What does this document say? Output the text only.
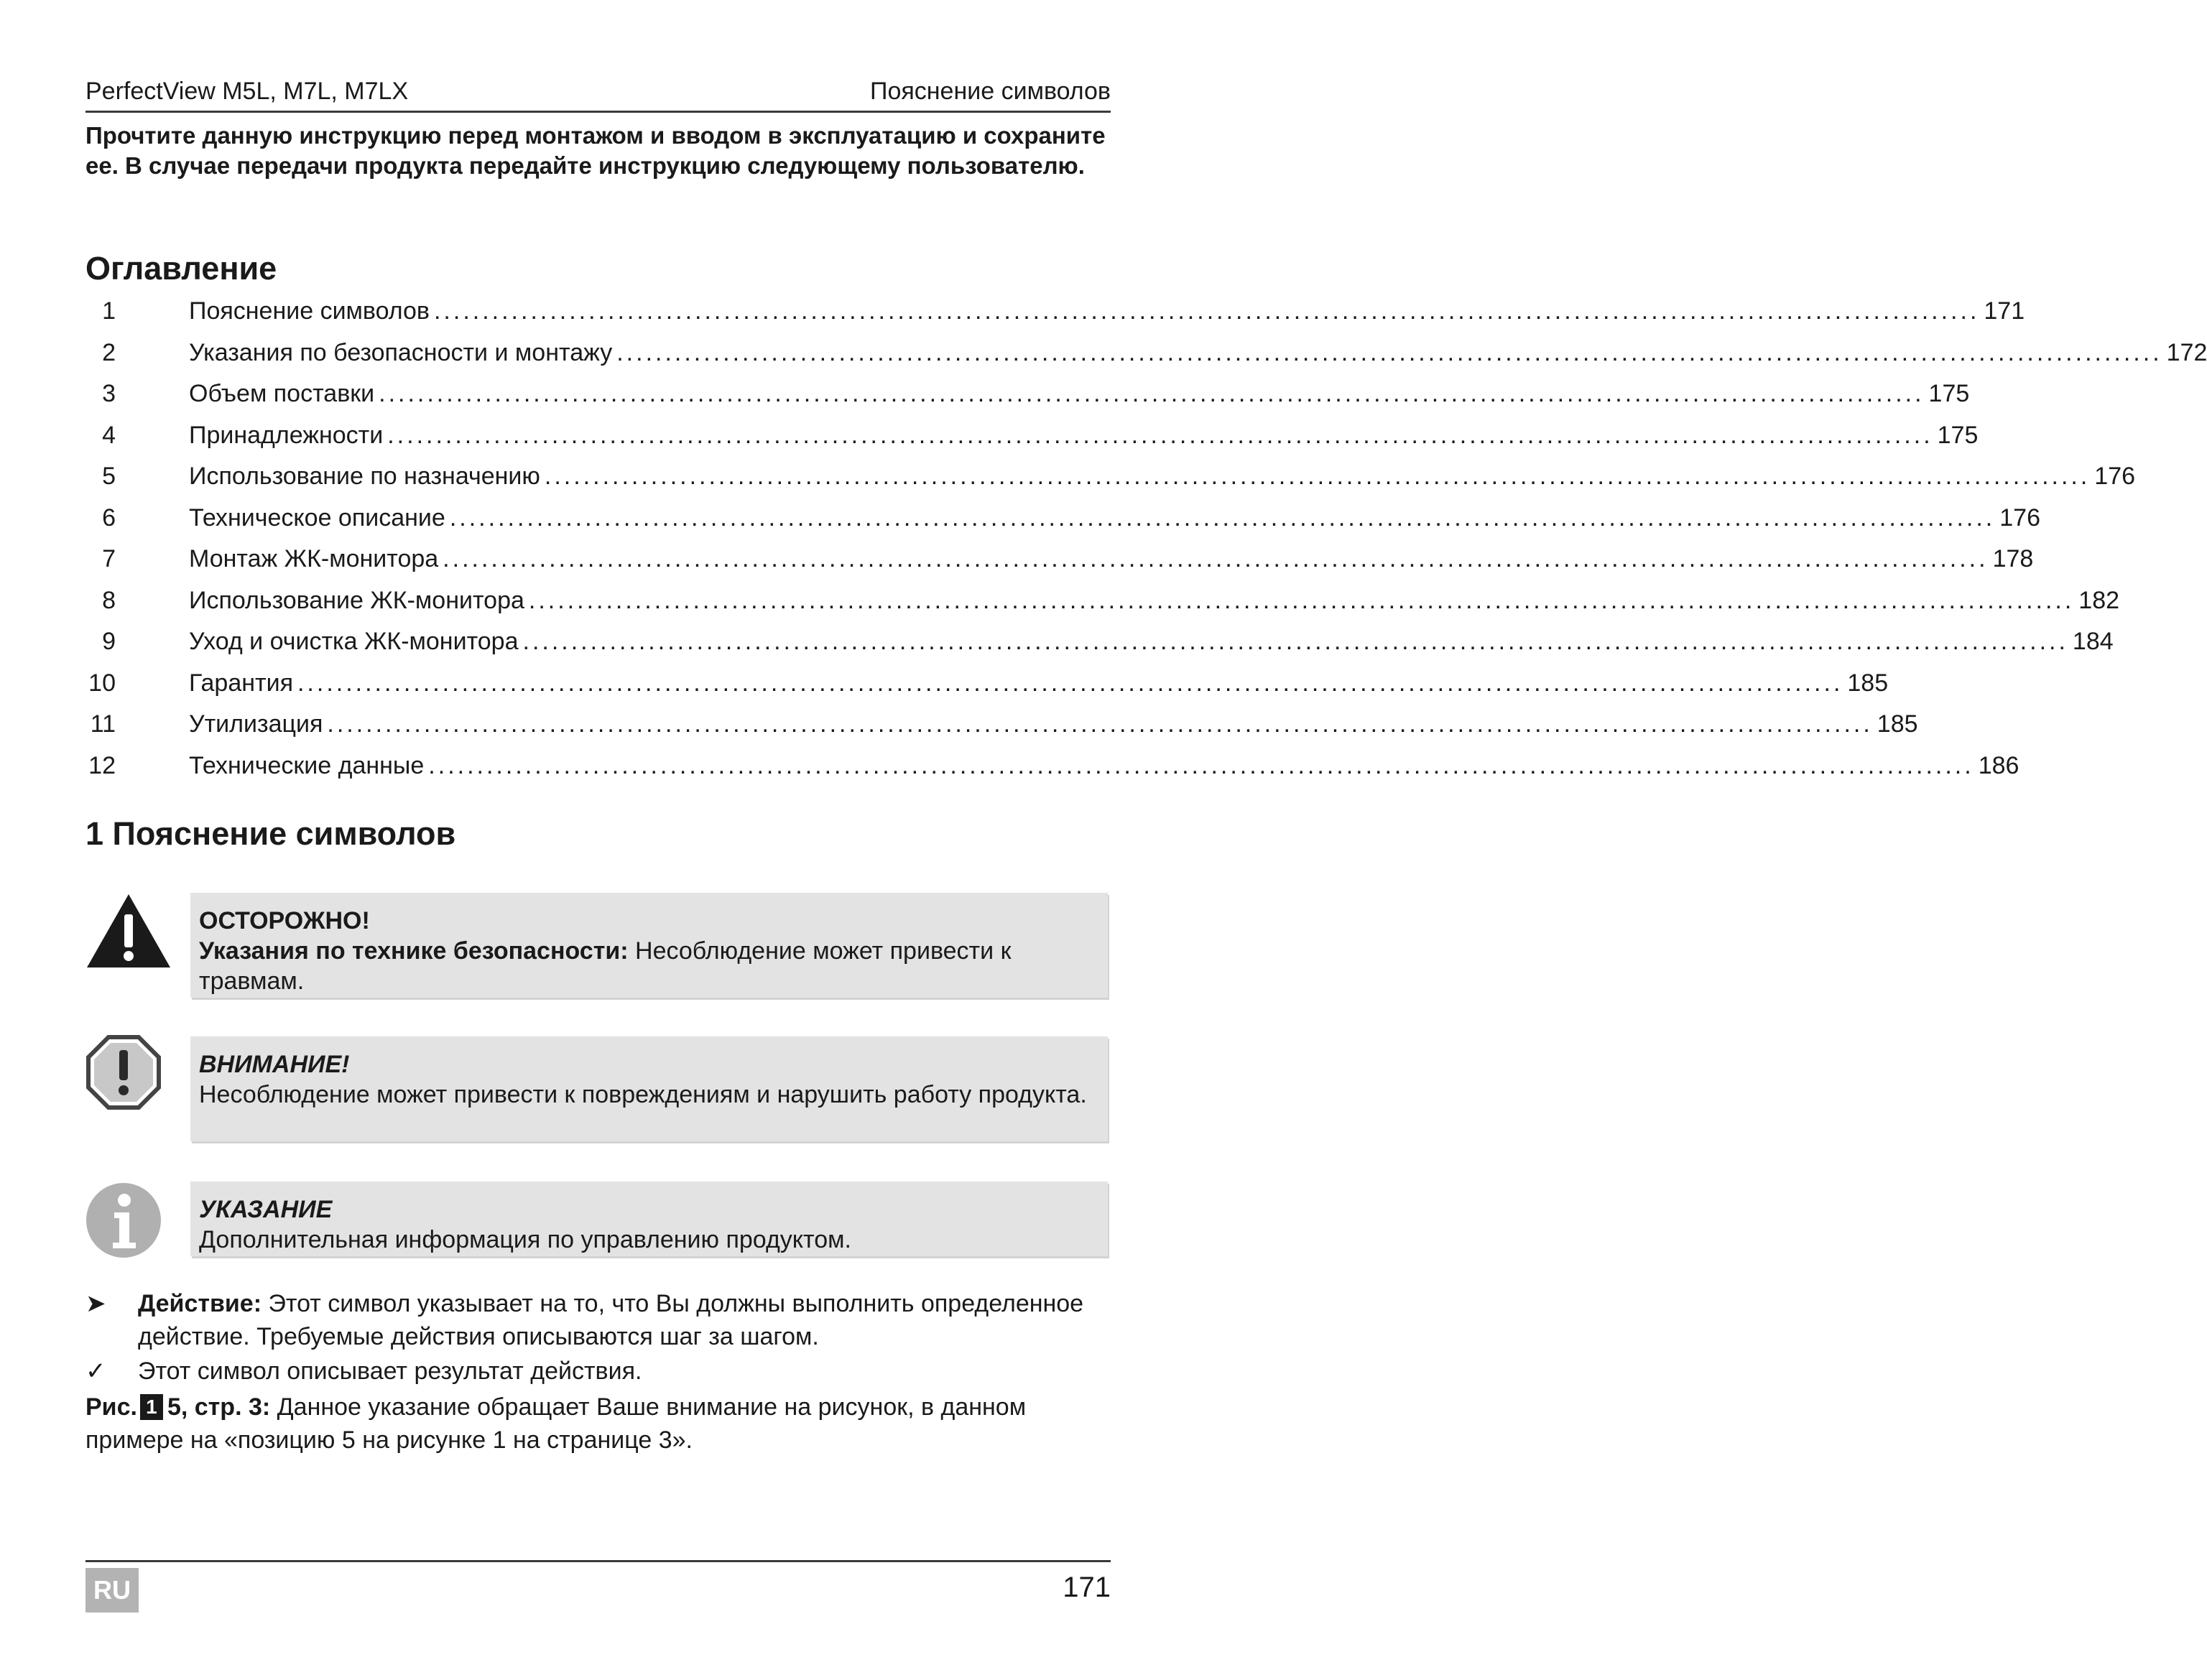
PerfectView M5L, M7L, M7LX	Пояснение символов
Прочтите данную инструкцию перед монтажом и вводом в эксплуатацию и сохраните ее. В случае передачи продукта передайте инструкцию следующему пользователю.
Оглавление
1	Пояснение символов ................................................................................................................................................................ 171
2	Указания по безопасности и монтажу ................................................................................................................................................................ 172
3	Объем поставки ................................................................................................................................................................ 175
4	Принадлежности ................................................................................................................................................................ 175
5	Использование по назначению ................................................................................................................................................................ 176
6	Техническое описание ................................................................................................................................................................ 176
7	Монтаж ЖК-монитора ................................................................................................................................................................ 178
8	Использование ЖК-монитора ................................................................................................................................................................ 182
9	Уход и очистка ЖК-монитора ................................................................................................................................................................ 184
10	Гарантия ................................................................................................................................................................ 185
11	Утилизация ................................................................................................................................................................ 185
12	Технические данные ................................................................................................................................................................ 186
1 Пояснение символов
ОСТОРОЖНО!
Указания по технике безопасности: Несоблюдение может привести к травмам.
ВНИМАНИЕ!
Несоблюдение может привести к повреждениям и нарушить работу продукта.
УКАЗАНИЕ
Дополнительная информация по управлению продуктом.
➤	Действие: Этот символ указывает на то, что Вы должны выполнить определенное действие. Требуемые действия описываются шаг за шагом.
✓	Этот символ описывает результат действия.
Рис. 1 5, стр. 3: Данное указание обращает Ваше внимание на рисунок, в данном примере на «позицию 5 на рисунке 1 на странице 3».
RU	171
